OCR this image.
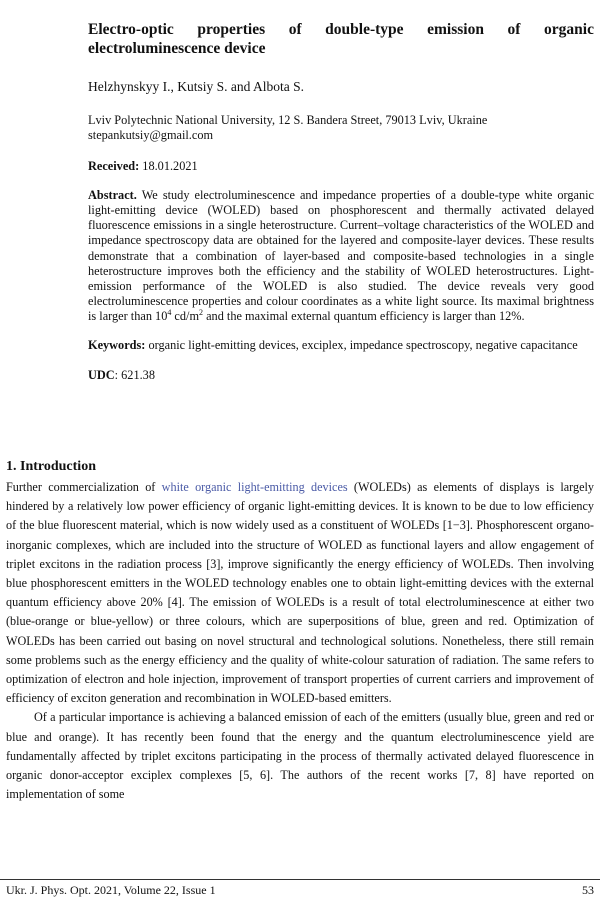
Electro-optic properties of double-type emission of organic electroluminescence device
Helzhynskyy I., Kutsiy S. and Albota S.
Lviv Polytechnic National University, 12 S. Bandera Street, 79013 Lviv, Ukraine
stepankutsiy@gmail.com
Received: 18.01.2021
Abstract. We study electroluminescence and impedance properties of a double-type white organic light-emitting device (WOLED) based on phosphorescent and thermally activated delayed fluorescence emissions in a single heterostructure. Current–voltage characteristics of the WOLED and impedance spectroscopy data are obtained for the layered and composite-layer devices. These results demonstrate that a combination of layer-based and composite-based technologies in a single heterostructure improves both the efficiency and the stability of WOLED heterostructures. Light-emission performance of the WOLED is also studied. The device reveals very good electroluminescence properties and colour coordinates as a white light source. Its maximal brightness is larger than $10^4$ $cd/m^2$ and the maximal external quantum efficiency is larger than 12%.
Keywords: organic light-emitting devices, exciplex, impedance spectroscopy, negative capacitance
UDC: 621.38
1. Introduction

Further commercialization of white organic light-emitting devices (WOLEDs) as elements of displays is largely hindered by a relatively low power efficiency of organic light-emitting devices. It is known to be due to low efficiency of the blue fluorescent material, which is now widely used as a constituent of WOLEDs [1−3]. Phosphorescent organo-inorganic complexes, which are included into the structure of WOLED as functional layers and allow engagement of triplet excitons in the radiation process [3], improve significantly the energy efficiency of WOLEDs. Then involving blue phosphorescent emitters in the WOLED technology enables one to obtain light-emitting devices with the external quantum efficiency above 20% [4]. The emission of WOLEDs is a result of total electroluminescence at either two (blue-orange or blue-yellow) or three colours, which are superpositions of blue, green and red. Optimization of WOLEDs has been carried out basing on novel structural and technological solutions. Nonetheless, there still remain some problems such as the energy efficiency and the quality of white-colour saturation of radiation. The same refers to optimization of electron and hole injection, improvement of transport properties of current carriers and improvement of efficiency of exciton generation and recombination in WOLED-based emitters.

Of a particular importance is achieving a balanced emission of each of the emitters (usually blue, green and red or blue and orange). It has recently been found that the energy and the quantum electroluminescence yield are fundamentally affected by triplet excitons participating in the process of thermally activated delayed fluorescence in organic donor-acceptor exciplex complexes [5, 6]. The authors of the recent works [7, 8] have reported on implementation of some

Ukr. J. Phys. Opt. 2021, Volume 22, Issue 1	53
